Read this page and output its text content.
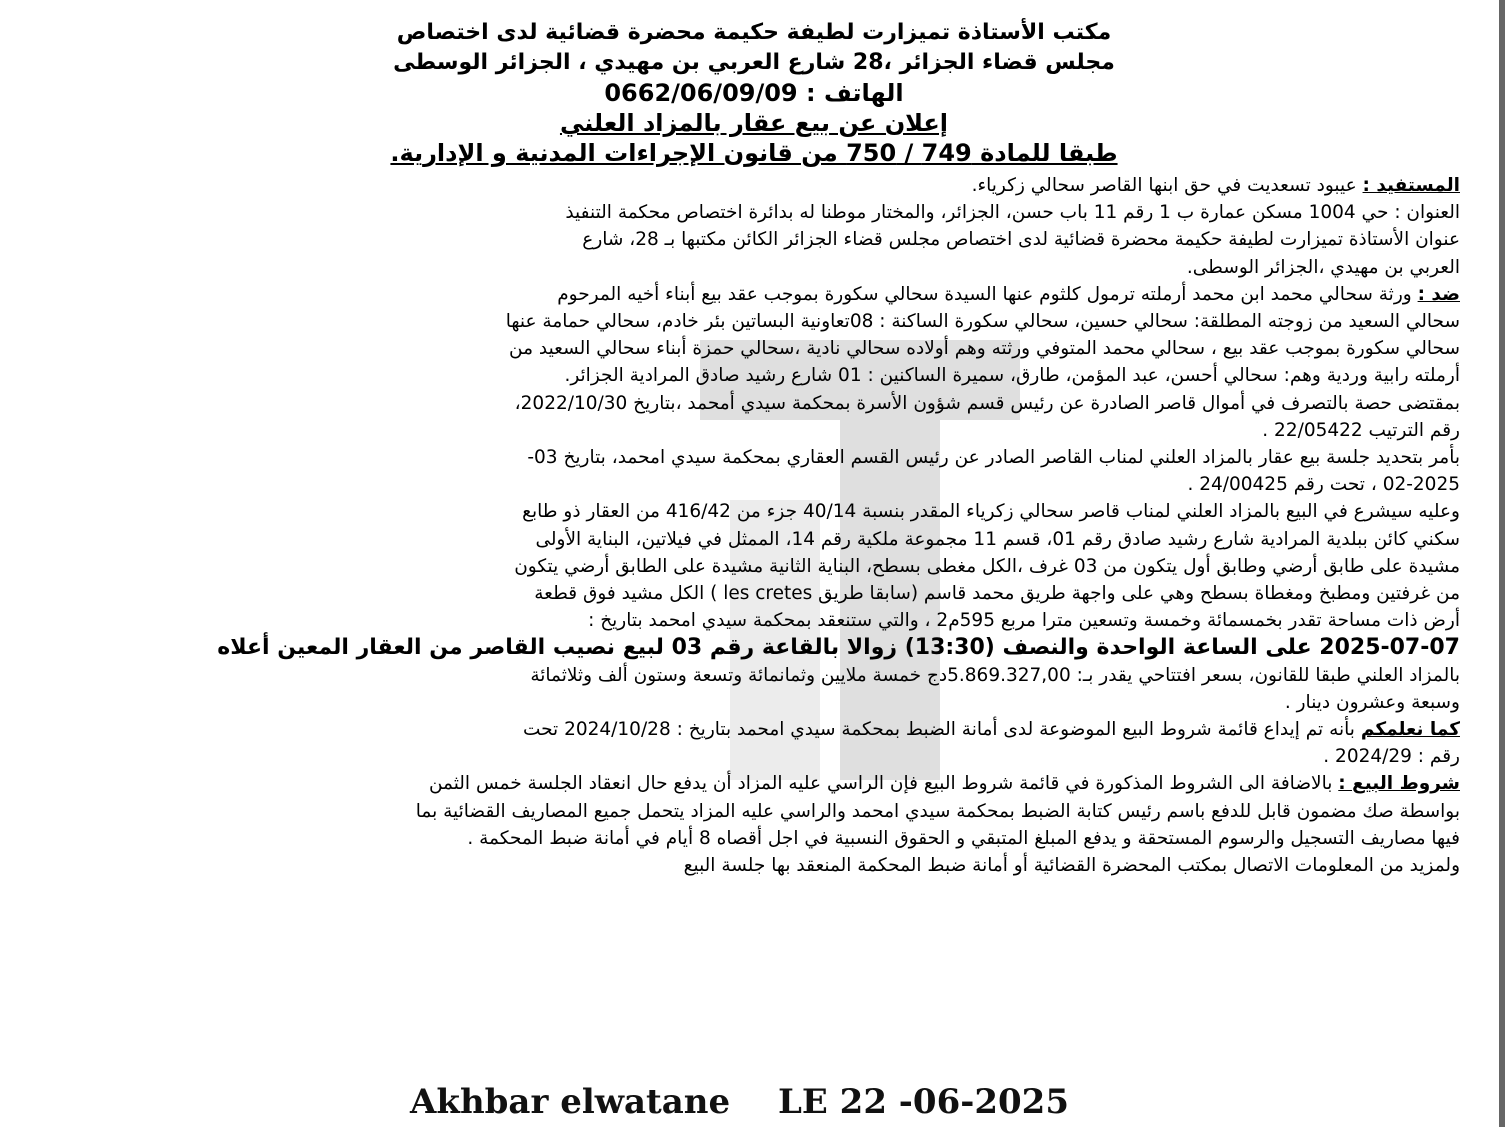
مكتب الأستاذة تميزارت لطيفة حكيمة محضرة قضائية لدى اختصاص
مجلس قضاء الجزائر ،28 شارع العربي بن مهيدي ، الجزائر الوسطى
الهاتف : 0662/06/09/09
إعلان عن بيع عقار بالمزاد العلني
طبقا للمادة 749 / 750 من قانون الإجراءات المدنية و الإدارية.
المستفيد : عيبود تسعديت في حق ابنها القاصر سحالي زكرياء.
العنوان : حي 1004 مسكن عمارة ب 1 رقم 11 باب حسن، الجزائر، والمختار موطنا له بدائرة اختصاص محكمة التنفيذ
عنوان الأستاذة تميزارت لطيفة حكيمة محضرة قضائية لدى اختصاص مجلس قضاء الجزائر الكائن مكتبها بـ 28، شارع
العربي بن مهيدي ،الجزائر الوسطى.
ضد : ورثة سحالي محمد ابن محمد أرملته ترمول كلثوم عنها السيدة سحالي سكورة بموجب عقد بيع أبناء أخيه المرحوم
سحالي السعيد من زوجته المطلقة: سحالي حسين، سحالي سكورة الساكنة : 08تعاونية البساتين بئر خادم، سحالي حمامة عنها
سحالي سكورة بموجب عقد بيع ، سحالي محمد المتوفي ورثته وهم أولاده سحالي نادية ،سحالي حمزة أبناء سحالي السعيد من
أرملته رابية وردية وهم: سحالي أحسن، عبد المؤمن، طارق، سميرة الساكنين : 01 شارع رشيد صادق المرادية الجزائر.
بمقتضى حصة بالتصرف في أموال قاصر الصادرة عن رئيس قسم شؤون الأسرة بمحكمة سيدي أمحمد ،بتاريخ 2022/10/30،
رقم الترتيب 22/05422 .
بأمر بتحديد جلسة بيع عقار بالمزاد العلني لمناب القاصر الصادر عن رئيس القسم العقاري بمحكمة سيدي امحمد، بتاريخ 03-
02-2025 ، تحت رقم 24/00425 .
وعليه سيشرع في البيع بالمزاد العلني لمناب قاصر سحالي زكرياء المقدر بنسبة 40/14 جزء من 416/42 من العقار ذو طابع
سكني كائن ببلدية المرادية شارع رشيد صادق رقم 01، قسم 11 مجموعة ملكية رقم 14، الممثل في فيلاتين، البناية الأولى
مشيدة على طابق أرضي وطابق أول يتكون من 03 غرف ،الكل مغطى بسطح، البناية الثانية مشيدة على الطابق أرضي يتكون
من غرفتين ومطبخ ومغطاة بسطح وهي على واجهة طريق محمد قاسم (سابقا طريق les cretes ) الكل مشيد فوق قطعة
أرض ذات مساحة تقدر بخمسمائة وخمسة وتسعين مترا مربع 595م2 ، والتي ستنعقد بمحكمة سيدي امحمد بتاريخ :
2025-07-07 على الساعة الواحدة والنصف (13:30) زوالا بالقاعة رقم 03 لبيع نصيب القاصر من العقار المعين أعلاه
بالمزاد العلني طبقا للقانون، بسعر افتتاحي يقدر بـ: 5.869.327,00دج خمسة ملايين وثمانمائة وتسعة وستون ألف وثلاثمائة
وسبعة وعشرون دينار .
كما نعلمكم بأنه تم إيداع قائمة شروط البيع الموضوعة لدى أمانة الضبط بمحكمة سيدي امحمد بتاريخ : 2024/10/28 تحت
رقم : 2024/29 .
شروط البيع : بالاضافة الى الشروط المذكورة في قائمة شروط البيع فإن الراسي عليه المزاد أن يدفع حال انعقاد الجلسة خمس الثمن
بواسطة صك مضمون قابل للدفع باسم رئيس كتابة الضبط بمحكمة سيدي امحمد والراسي عليه المزاد يتحمل جميع المصاريف القضائية بما
فيها مصاريف التسجيل والرسوم المستحقة و يدفع المبلغ المتبقي و الحقوق النسبية في اجل أقصاه 8 أيام في أمانة ضبط المحكمة .
ولمزيد من المعلومات الاتصال بمكتب المحضرة القضائية أو أمانة ضبط المحكمة المنعقد بها جلسة البيع
Akhbar elwatane LE 22 -06-2025
